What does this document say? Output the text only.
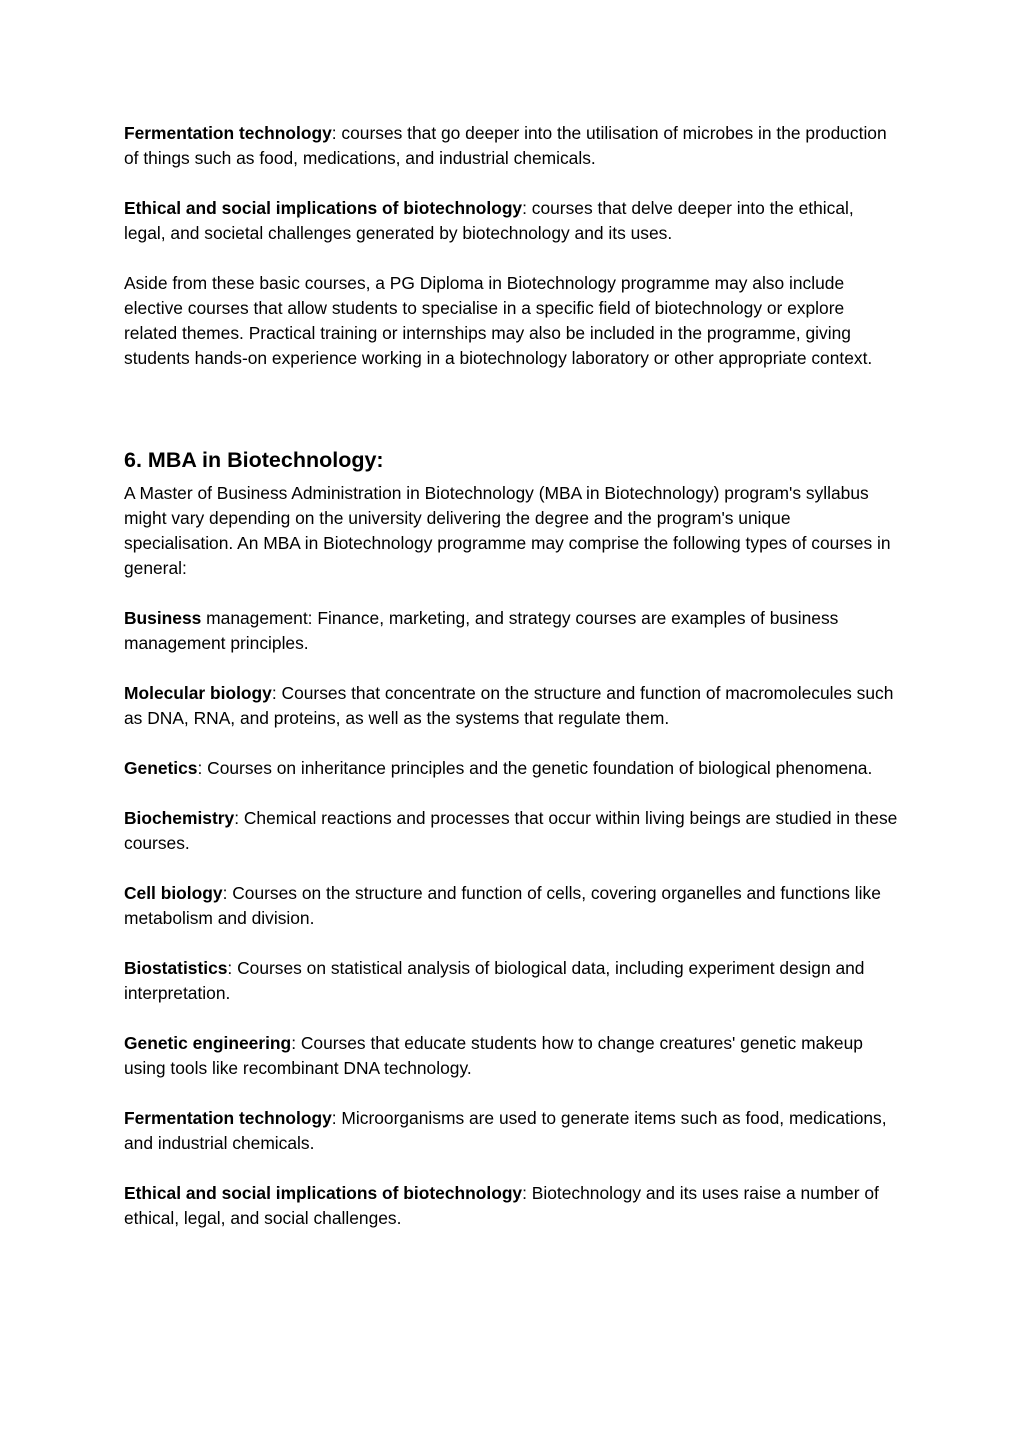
Fermentation technology: courses that go deeper into the utilisation of microbes in the production of things such as food, medications, and industrial chemicals.

Ethical and social implications of biotechnology: courses that delve deeper into the ethical, legal, and societal challenges generated by biotechnology and its uses.

Aside from these basic courses, a PG Diploma in Biotechnology programme may also include elective courses that allow students to specialise in a specific field of biotechnology or explore related themes. Practical training or internships may also be included in the programme, giving students hands-on experience working in a biotechnology laboratory or other appropriate context.

6. MBA in Biotechnology:

A Master of Business Administration in Biotechnology (MBA in Biotechnology) program's syllabus might vary depending on the university delivering the degree and the program's unique specialisation. An MBA in Biotechnology programme may comprise the following types of courses in general:

Business management: Finance, marketing, and strategy courses are examples of business management principles.

Molecular biology: Courses that concentrate on the structure and function of macromolecules such as DNA, RNA, and proteins, as well as the systems that regulate them.

Genetics: Courses on inheritance principles and the genetic foundation of biological phenomena.

Biochemistry: Chemical reactions and processes that occur within living beings are studied in these courses.

Cell biology: Courses on the structure and function of cells, covering organelles and functions like metabolism and division.

Biostatistics: Courses on statistical analysis of biological data, including experiment design and interpretation.

Genetic engineering: Courses that educate students how to change creatures' genetic makeup using tools like recombinant DNA technology.

Fermentation technology: Microorganisms are used to generate items such as food, medications, and industrial chemicals.

Ethical and social implications of biotechnology: Biotechnology and its uses raise a number of ethical, legal, and social challenges.
